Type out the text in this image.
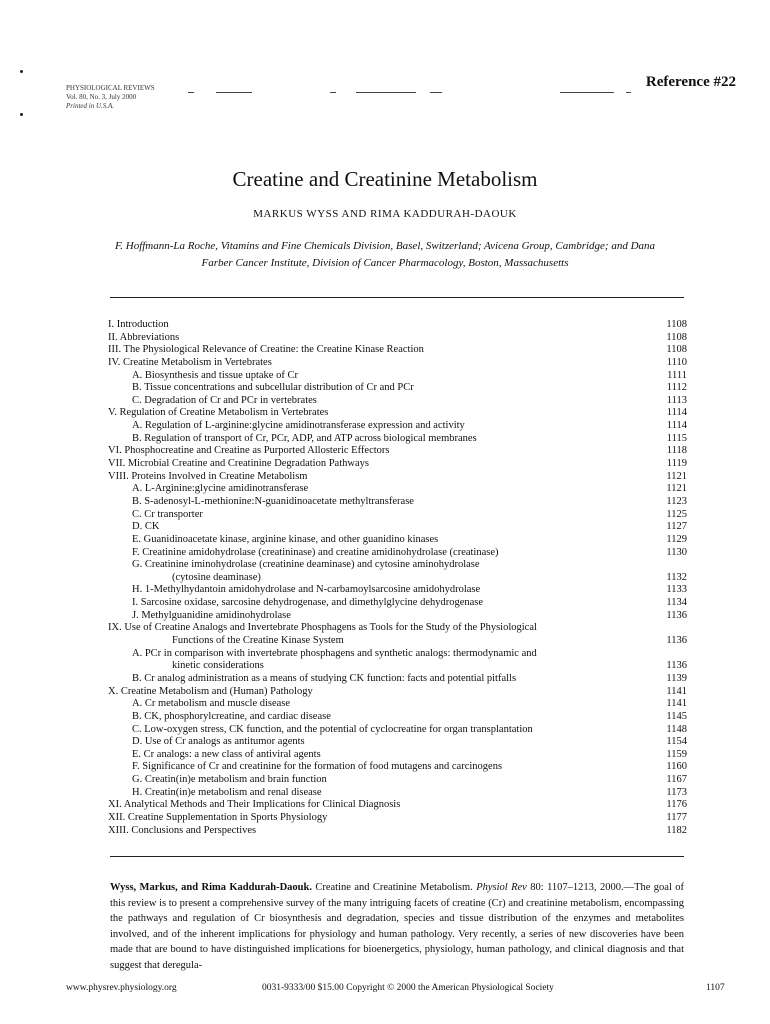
PHYSIOLOGICAL REVIEWS
Vol. 80, No. 3, July 2000
Printed in U.S.A.
Reference #22
Creatine and Creatinine Metabolism
MARKUS WYSS AND RIMA KADDURAH-DAOUK
F. Hoffmann-La Roche, Vitamins and Fine Chemicals Division, Basel, Switzerland; Avicena Group, Cambridge; and Dana Farber Cancer Institute, Division of Cancer Pharmacology, Boston, Massachusetts
I. Introduction	1108
II. Abbreviations	1108
III. The Physiological Relevance of Creatine: the Creatine Kinase Reaction	1108
IV. Creatine Metabolism in Vertebrates	1110
A. Biosynthesis and tissue uptake of Cr	1111
B. Tissue concentrations and subcellular distribution of Cr and PCr	1112
C. Degradation of Cr and PCr in vertebrates	1113
V. Regulation of Creatine Metabolism in Vertebrates	1114
A. Regulation of L-arginine:glycine amidinotransferase expression and activity	1114
B. Regulation of transport of Cr, PCr, ADP, and ATP across biological membranes	1115
VI. Phosphocreatine and Creatine as Purported Allosteric Effectors	1118
VII. Microbial Creatine and Creatinine Degradation Pathways	1119
VIII. Proteins Involved in Creatine Metabolism	1121
A. L-Arginine:glycine amidinotransferase	1121
B. S-adenosyl-L-methionine:N-guanidinoacetate methyltransferase	1123
C. Cr transporter	1125
D. CK	1127
E. Guanidinoacetate kinase, arginine kinase, and other guanidino kinases	1129
F. Creatinine amidohydrolase (creatininase) and creatine amidinohydrolase (creatinase)	1130
G. Creatinine iminohydrolase (creatinine deaminase) and cytosine aminohydrolase
(cytosine deaminase)	1132
H. 1-Methylhydantoin amidohydrolase and N-carbamoylsarcosine amidohydrolase	1133
I. Sarcosine oxidase, sarcosine dehydrogenase, and dimethylglycine dehydrogenase	1134
J. Methylguanidine amidinohydrolase	1136
IX. Use of Creatine Analogs and Invertebrate Phosphagens as Tools for the Study of the Physiological
Functions of the Creatine Kinase System	1136
A. PCr in comparison with invertebrate phosphagens and synthetic analogs: thermodynamic and
kinetic considerations	1136
B. Cr analog administration as a means of studying CK function: facts and potential pitfalls	1139
X. Creatine Metabolism and (Human) Pathology	1141
A. Cr metabolism and muscle disease	1141
B. CK, phosphorylcreatine, and cardiac disease	1145
C. Low-oxygen stress, CK function, and the potential of cyclocreatine for organ transplantation	1148
D. Use of Cr analogs as antitumor agents	1154
E. Cr analogs: a new class of antiviral agents	1159
F. Significance of Cr and creatinine for the formation of food mutagens and carcinogens	1160
G. Creatin(in)e metabolism and brain function	1167
H. Creatin(in)e metabolism and renal disease	1173
XI. Analytical Methods and Their Implications for Clinical Diagnosis	1176
XII. Creatine Supplementation in Sports Physiology	1177
XIII. Conclusions and Perspectives	1182
Wyss, Markus, and Rima Kaddurah-Daouk. Creatine and Creatinine Metabolism. Physiol Rev 80: 1107–1213, 2000.—The goal of this review is to present a comprehensive survey of the many intriguing facets of creatine (Cr) and creatinine metabolism, encompassing the pathways and regulation of Cr biosynthesis and degradation, species and tissue distribution of the enzymes and metabolites involved, and of the inherent implications for physiology and human pathology. Very recently, a series of new discoveries have been made that are bound to have distinguished implications for bioenergetics, physiology, human pathology, and clinical diagnosis and that suggest that deregula-
www.physrev.physiology.org	0031-9333/00 $15.00 Copyright © 2000 the American Physiological Society	1107
